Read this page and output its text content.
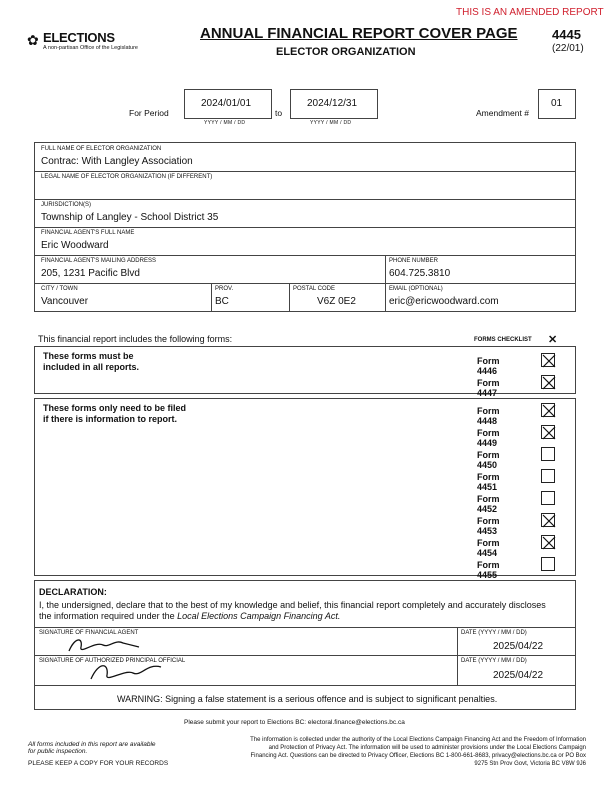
THIS IS AN AMENDED REPORT
✿ ELECTIONS
A non-partisan Office of the Legislature
ANNUAL FINANCIAL REPORT COVER PAGE
ELECTOR ORGANIZATION
4445
(22/01)
For Period
2024/01/01
YYYY / MM / DD
to
2024/12/31
YYYY / MM / DD
Amendment #
01
FULL NAME OF ELECTOR ORGANIZATION
Contrac: With Langley Association
LEGAL NAME OF ELECTOR ORGANIZATION (IF DIFFERENT)
JURISDICTION(S)
Township of Langley - School District 35
FINANCIAL AGENT'S FULL NAME
Eric Woodward
FINANCIAL AGENT'S MAILING ADDRESS
205, 1231 Pacific Blvd
PHONE NUMBER
604.725.3810
CITY / TOWN
Vancouver
PROV.
BC
POSTAL CODE
V6Z 0E2
EMAIL (OPTIONAL)
eric@ericwoodward.com
This financial report includes the following forms:	FORMS CHECKLIST ✕
These forms must be included in all reports.
Form 4446
Form 4447
These forms only need to be filed if there is information to report.
Form 4448
Form 4449
Form 4450
Form 4451
Form 4452
Form 4453
Form 4454
Form 4455
DECLARATION:
I, the undersigned, declare that to the best of my knowledge and belief, this financial report completely and accurately discloses the information required under the Local Elections Campaign Financing Act.
SIGNATURE OF FINANCIAL AGENT
SIGNATURE OF AUTHORIZED PRINCIPAL OFFICIAL
DATE (YYYY / MM / DD)
2025/04/22
DATE (YYYY / MM / DD)
2025/04/22
WARNING: Signing a false statement is a serious offence and is subject to significant penalties.
Please submit your report to Elections BC: electoral.finance@elections.bc.ca
All forms included in this report are available for public inspection.
PLEASE KEEP A COPY FOR YOUR RECORDS
The information is collected under the authority of the Local Elections Campaign Financing Act and the Freedom of Information and Protection of Privacy Act. The information will be used to administer provisions under the Local Elections Campaign Financing Act. Questions can be directed to Privacy Officer, Elections BC 1-800-661-8683, privacy@elections.bc.ca or PO Box 9275 Stn Prov Govt, Victoria BC V8W 9J6
